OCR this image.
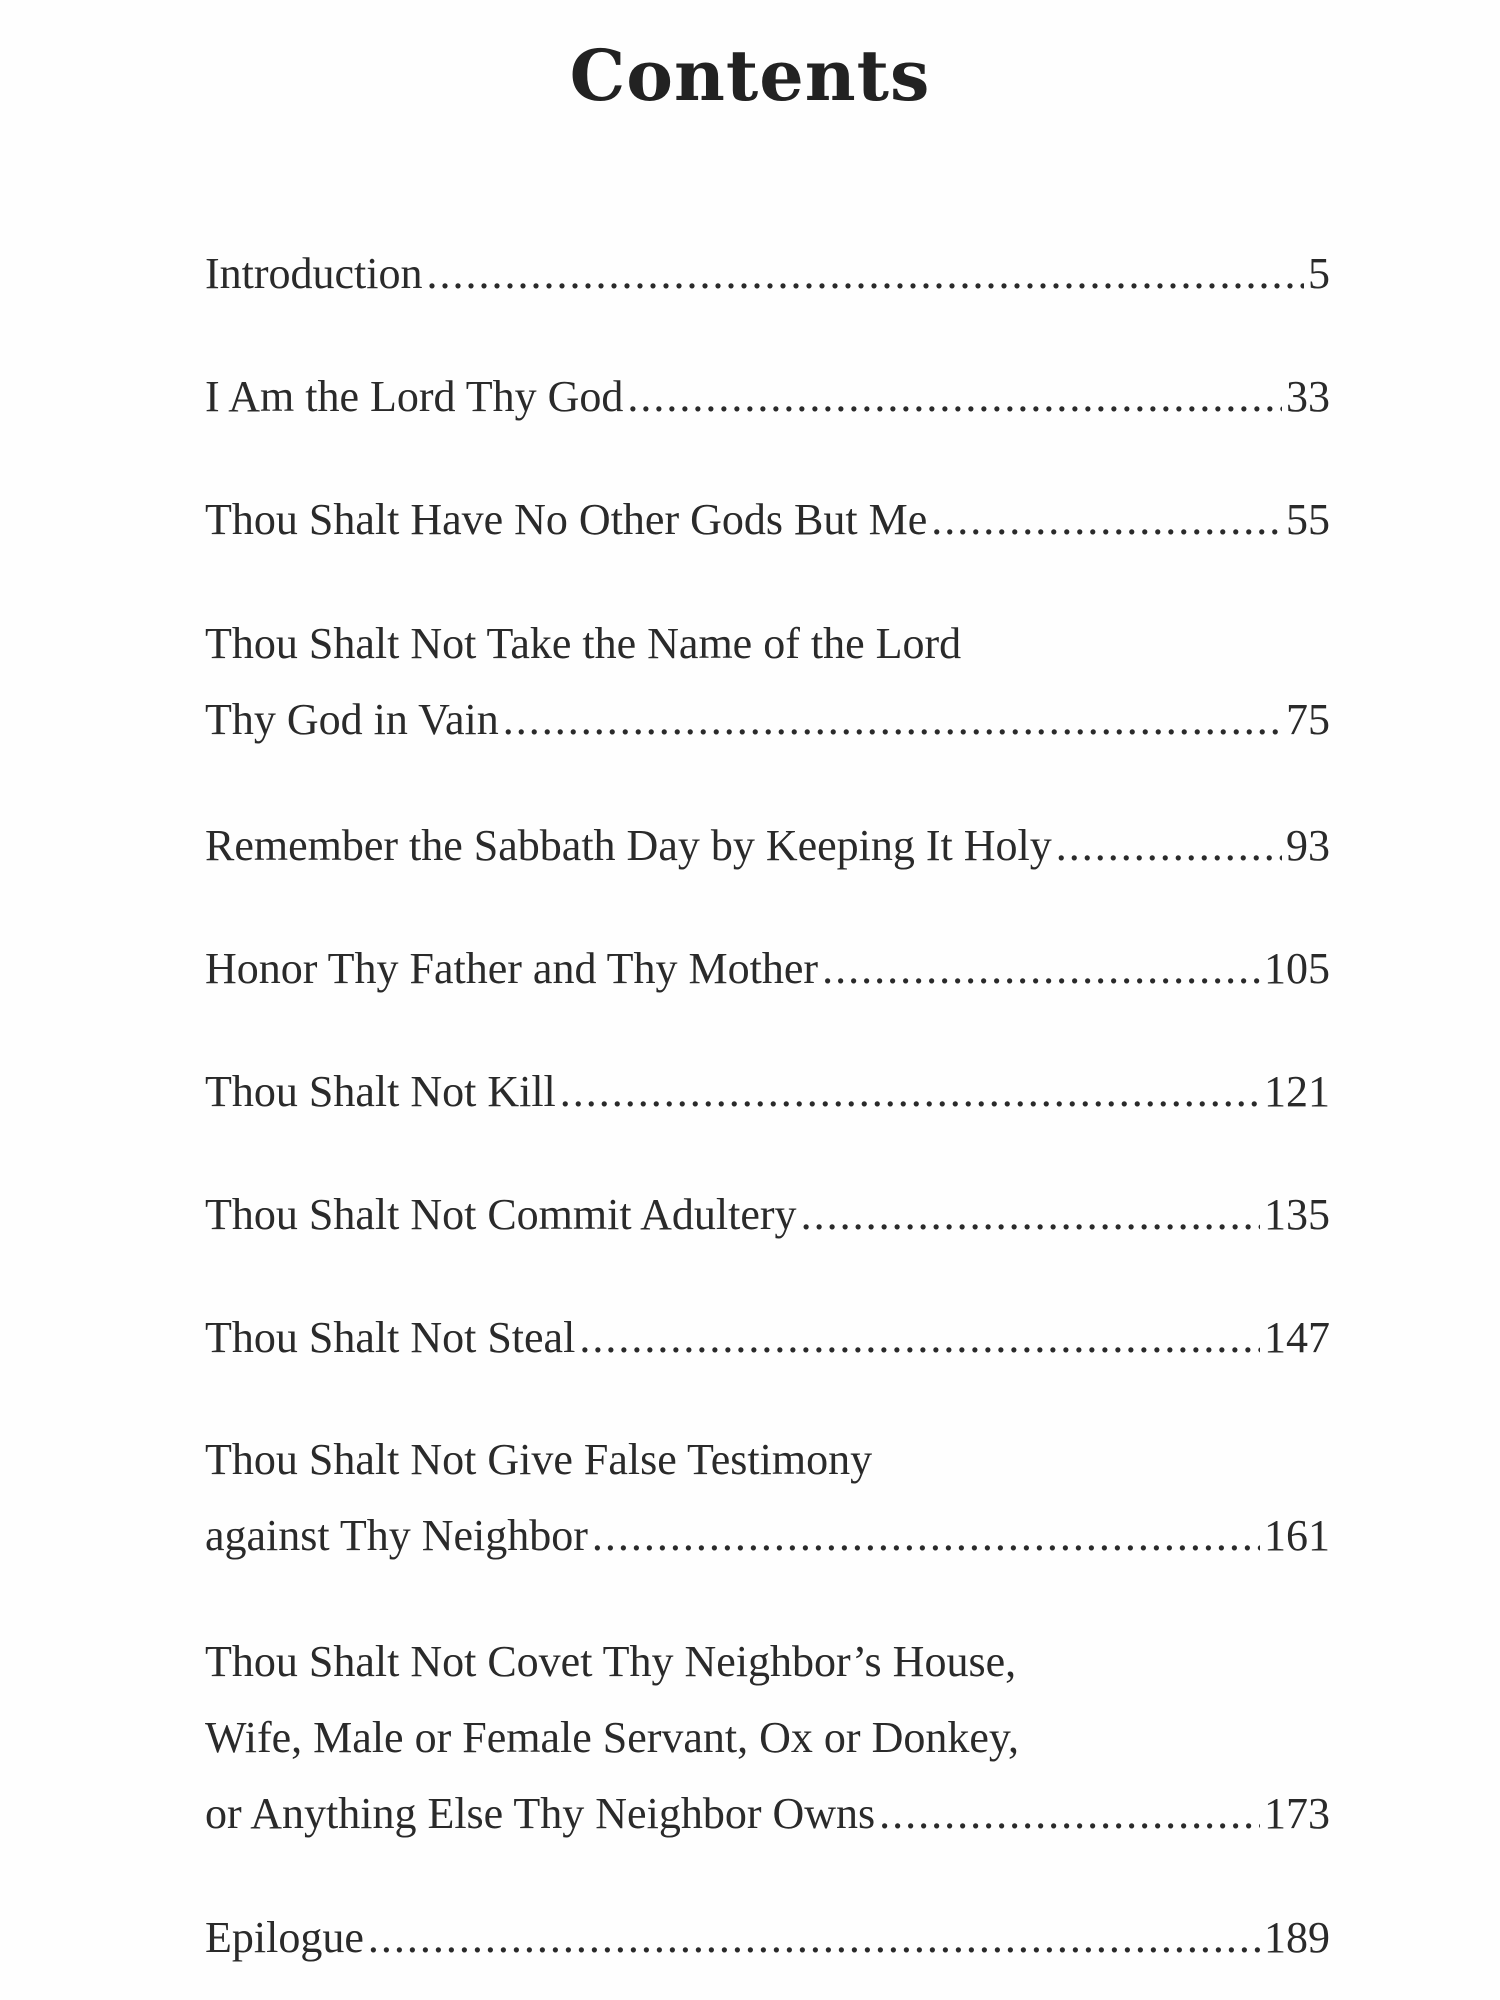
Contents
Introduction .....	5
I Am the Lord Thy God .....	33
Thou Shalt Have No Other Gods But Me .....	55
Thou Shalt Not Take the Name of the Lord
Thy God in Vain .....	75
Remember the Sabbath Day by Keeping It Holy .....	93
Honor Thy Father and Thy Mother .....	105
Thou Shalt Not Kill .....	121
Thou Shalt Not Commit Adultery .....	135
Thou Shalt Not Steal .....	147
Thou Shalt Not Give False Testimony
against Thy Neighbor .....	161
Thou Shalt Not Covet Thy Neighbor’s House,
Wife, Male or Female Servant, Ox or Donkey,
or Anything Else Thy Neighbor Owns .....	173
Epilogue .....	189
